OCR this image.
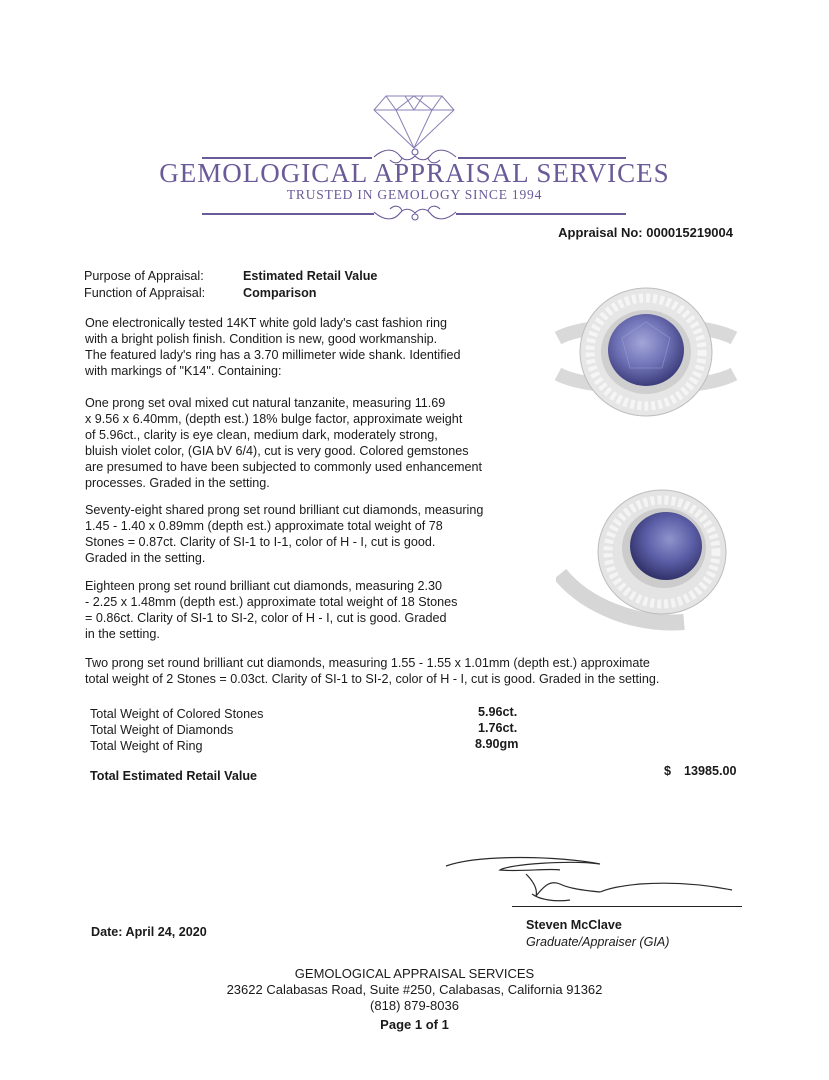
GEMOLOGICAL APPRAISAL SERVICES
TRUSTED IN GEMOLOGY SINCE 1994
Appraisal No: 000015219004
Purpose of Appraisal:	Estimated Retail Value
Function of Appraisal:	Comparison
One electronically tested 14KT white gold lady's cast fashion ring
with a bright polish finish. Condition is new, good workmanship.
The featured lady's ring has a 3.70 millimeter wide shank. Identified
with markings of "K14". Containing:
One prong set oval mixed cut natural tanzanite, measuring 11.69
x 9.56 x 6.40mm, (depth est.) 18% bulge factor, approximate weight
of 5.96ct., clarity is eye clean, medium dark, moderately strong,
bluish violet color, (GIA bV 6/4), cut is very good. Colored gemstones
are presumed to have been subjected to commonly used enhancement
processes. Graded in the setting.
Seventy-eight shared prong set round brilliant cut diamonds, measuring
1.45 - 1.40 x 0.89mm (depth est.) approximate total weight of 78
Stones = 0.87ct. Clarity of SI-1 to I-1, color of H - I, cut is good.
Graded in the setting.
Eighteen prong set round brilliant cut diamonds, measuring 2.30
- 2.25 x 1.48mm (depth est.) approximate total weight of 18 Stones
= 0.86ct. Clarity of SI-1 to SI-2, color of H - I, cut is good. Graded
in the setting.
Two prong set round brilliant cut diamonds, measuring 1.55 - 1.55 x 1.01mm (depth est.) approximate
total weight of 2 Stones = 0.03ct. Clarity of SI-1 to SI-2, color of H - I, cut is good. Graded in the setting.
Total Weight of Colored Stones	5.96ct.
Total Weight of Diamonds	1.76ct.
Total Weight of Ring	8.90gm
Total Estimated Retail Value	$ 13985.00
Date: April 24, 2020	Steven McClave
Graduate/Appraiser (GIA)
GEMOLOGICAL APPRAISAL SERVICES
23622 Calabasas Road, Suite #250, Calabasas, California 91362
(818) 879-8036
Page 1 of 1
